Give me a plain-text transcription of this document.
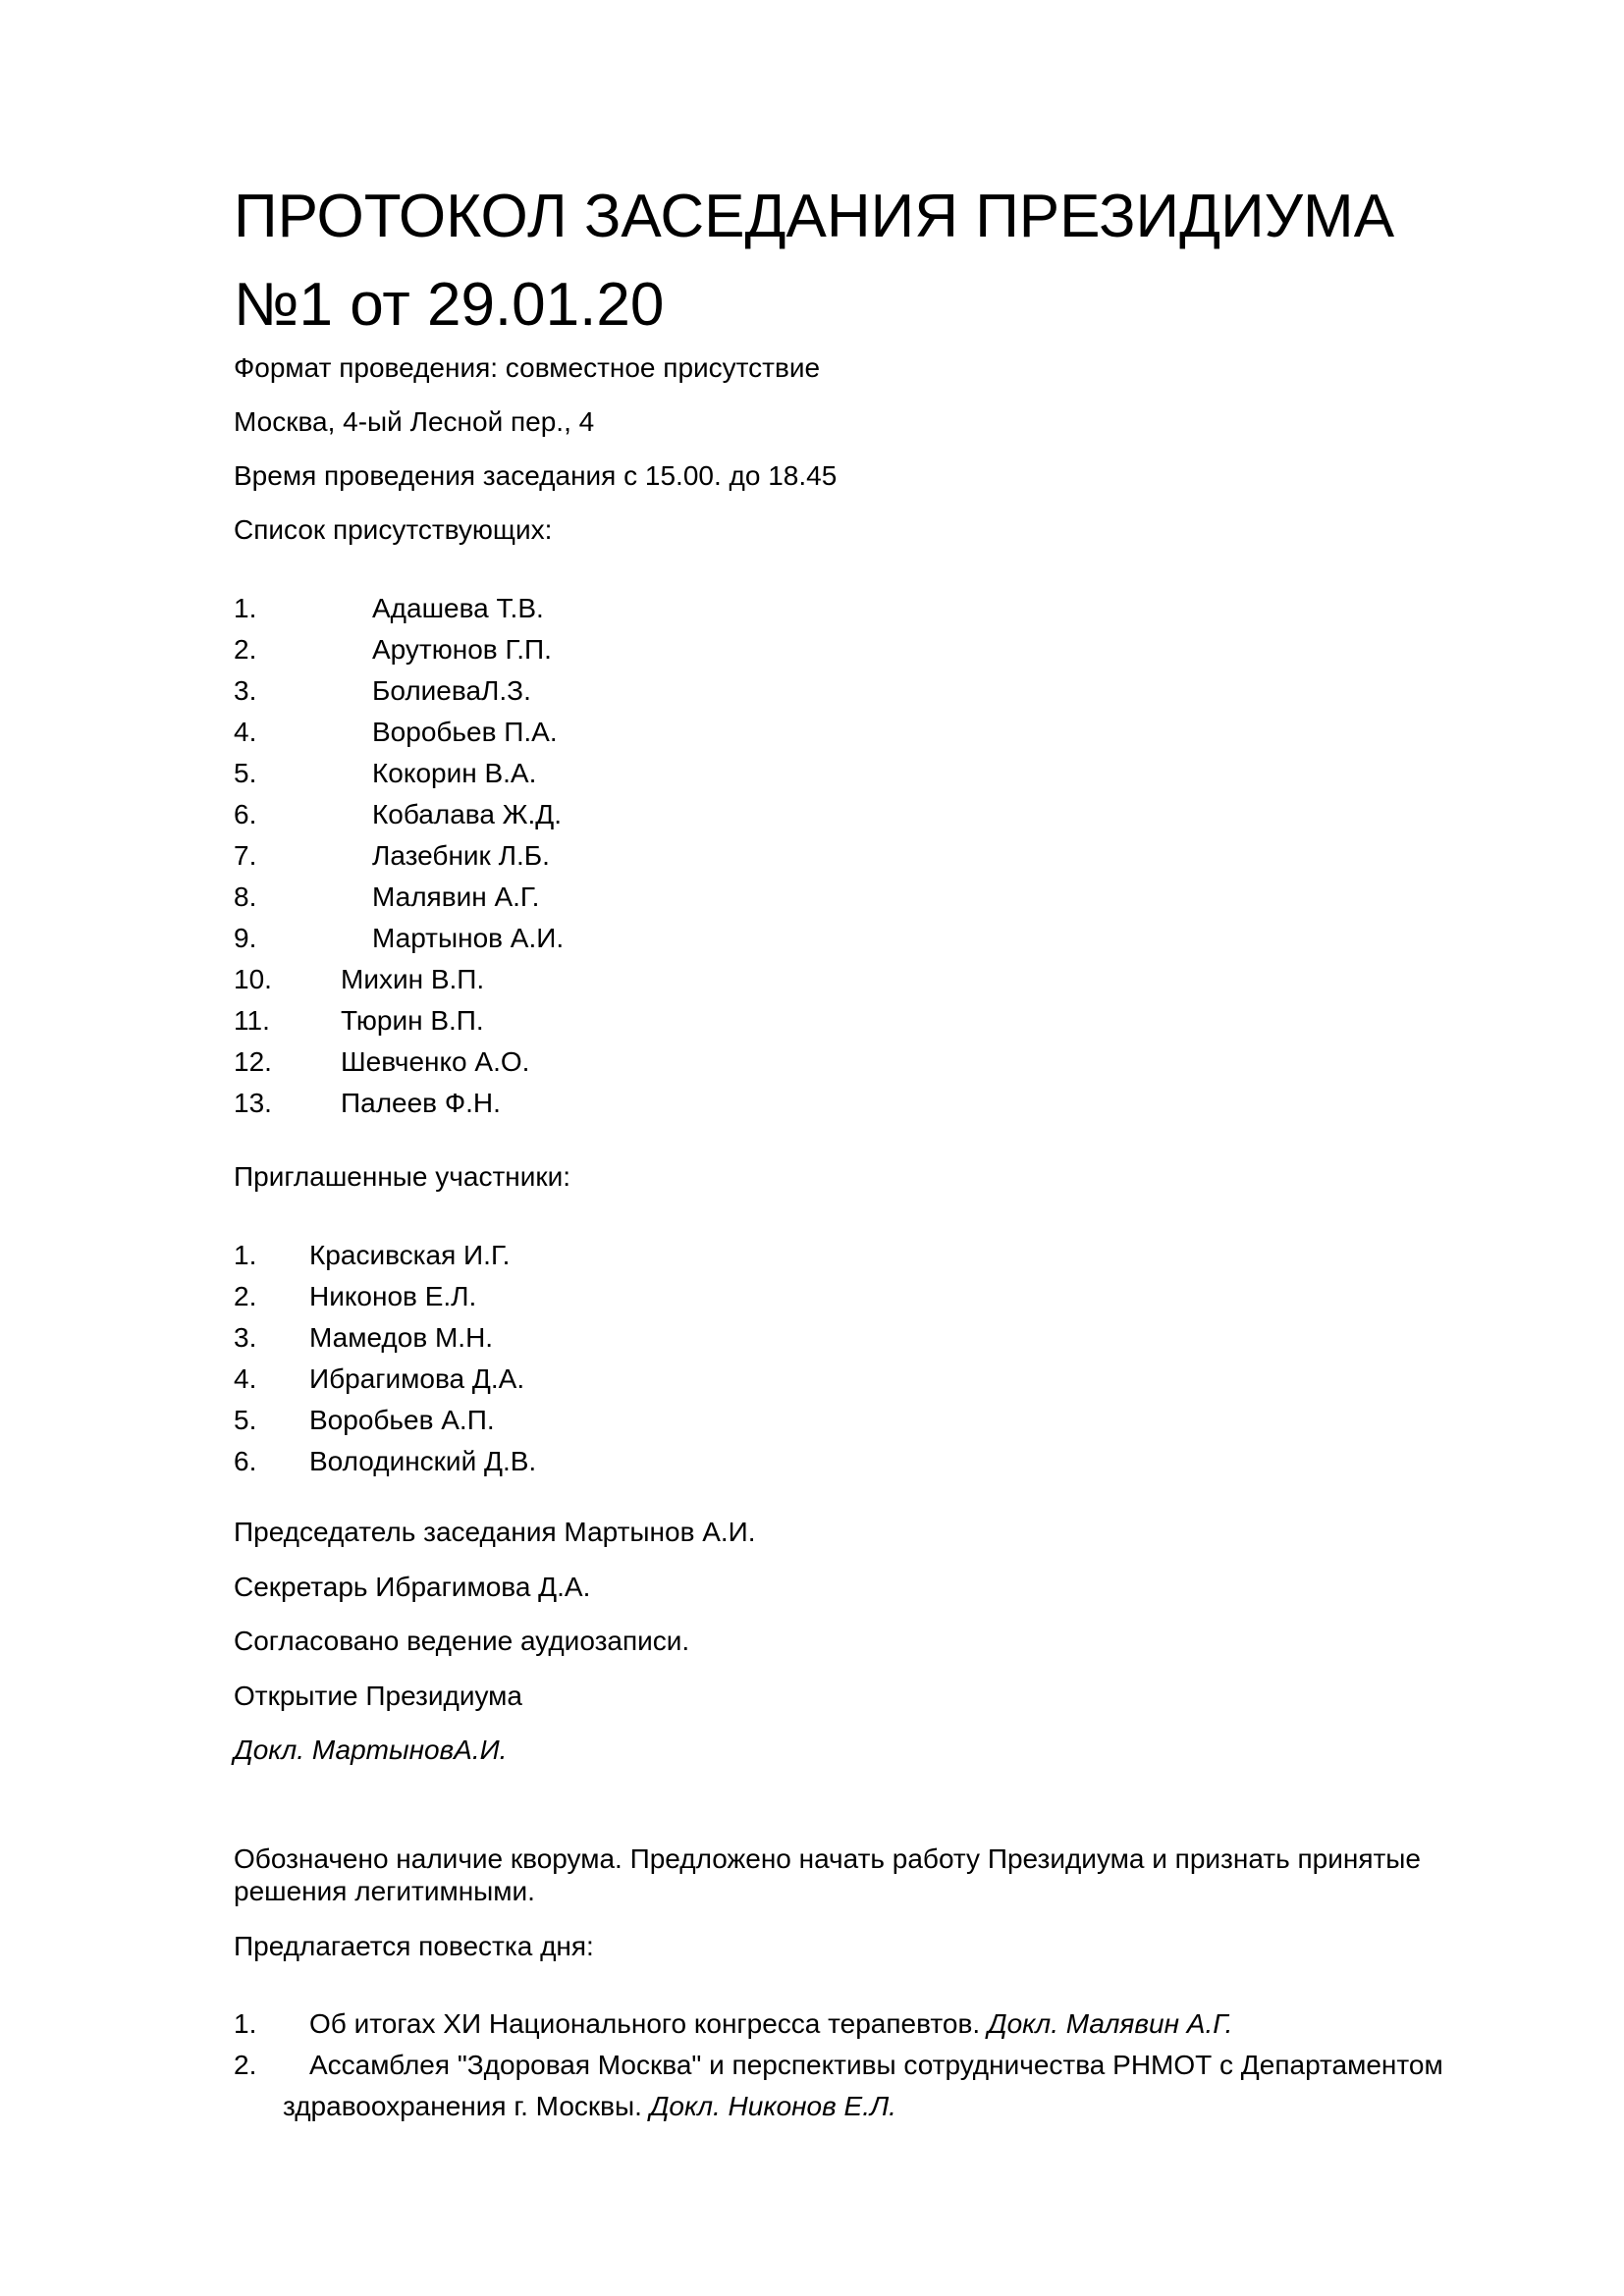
ПРОТОКОЛ ЗАСЕДАНИЯ ПРЕЗИДИУМА
№1 от 29.01.20

Формат проведения: совместное присутствие

Москва, 4-ый Лесной пер., 4

Время проведения заседания с 15.00. до 18.45

Список присутствующих:

1.	Адашева Т.В.
2.	Арутюнов Г.П.
3.	БолиеваЛ.З.
4.	Воробьев П.А.
5.	Кокорин В.А.
6.	Кобалава Ж.Д.
7.	Лазебник Л.Б.
8.	Малявин А.Г.
9.	Мартынов А.И.
10.	Михин В.П.
11.	Тюрин В.П.
12.	Шевченко А.О.
13.	Палеев Ф.Н.

Приглашенные участники:

1. Красивская И.Г.
2. Никонов Е.Л.
3. Мамедов М.Н.
4. Ибрагимова Д.А.
5. Воробьев А.П.
6. Володинский Д.В.

Председатель заседания Мартынов А.И.

Секретарь Ибрагимова Д.А.

Согласовано ведение аудиозаписи.

Открытие Президиума

Докл. МартыновА.И.

Обозначено наличие кворума. Предложено начать работу Президиума и признать принятые
решения легитимными.

Предлагается повестка дня:

1. Об итогах XИ Национального конгресса терапевтов. Докл. Малявин А.Г.
2. Ассамблея "Здоровая Москва" и перспективы сотрудничества РНМОТ с Департаментом
здравоохранения г. Москвы. Докл. Никонов Е.Л.
